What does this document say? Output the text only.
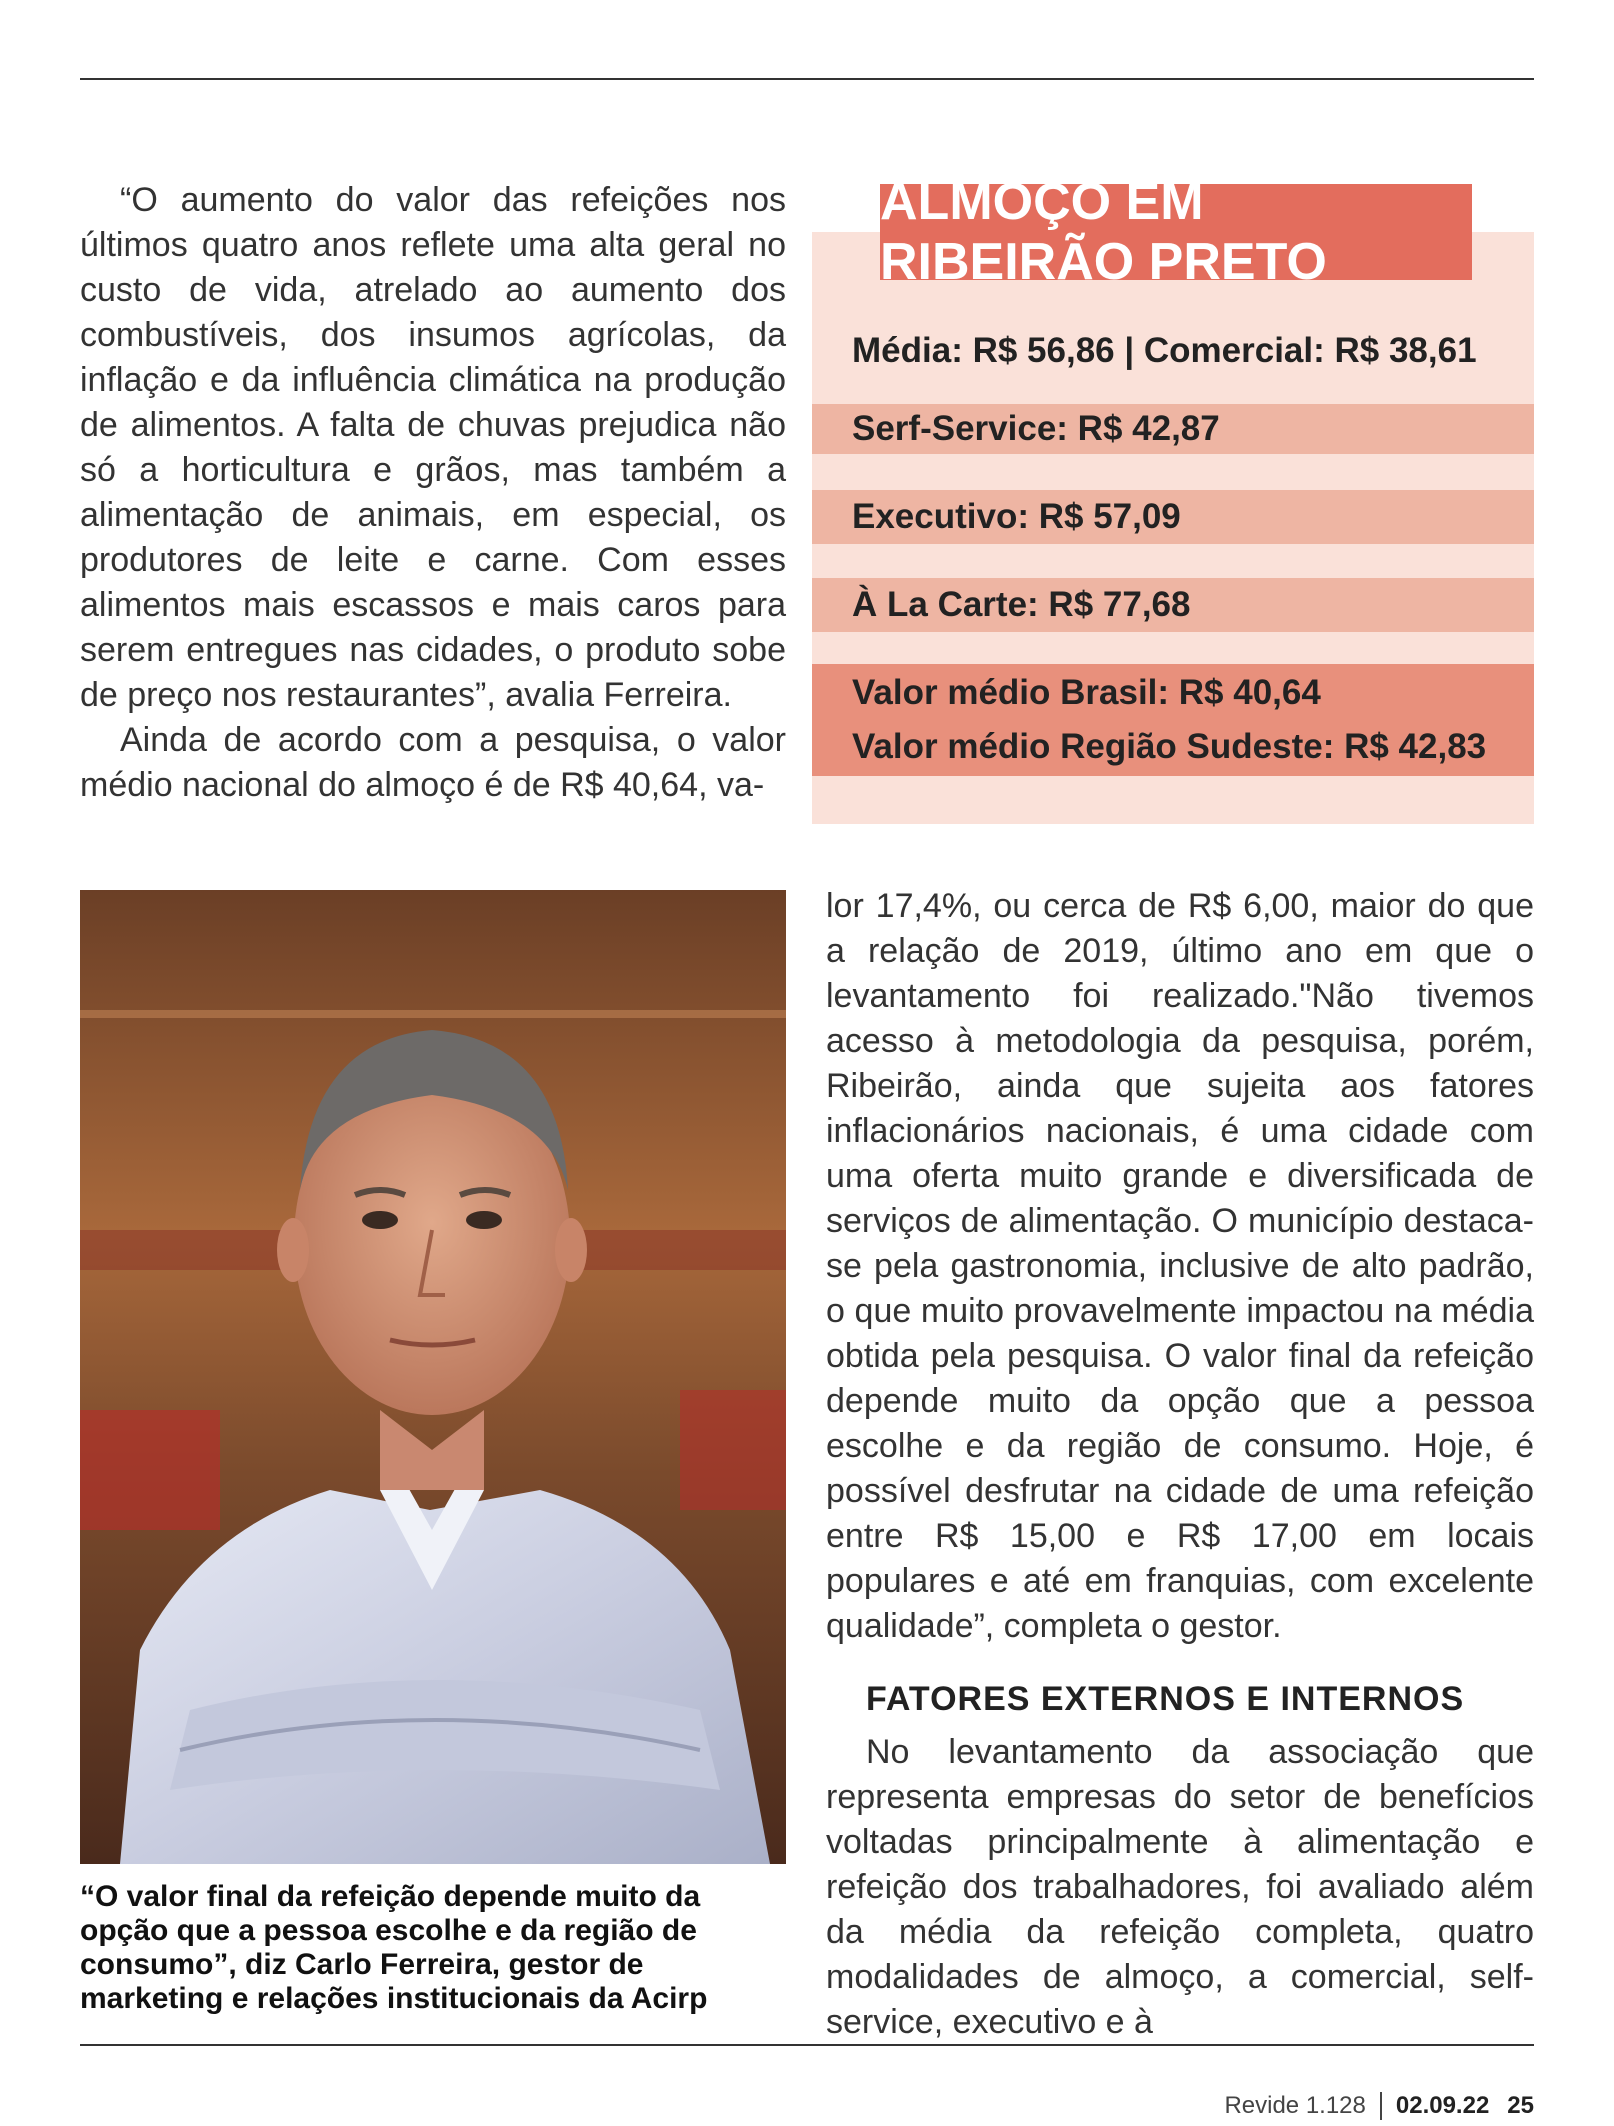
“O aumento do valor das refeições nos últimos quatro anos reflete uma alta geral no custo de vida, atrelado ao aumento dos combustíveis, dos insumos agrícolas, da inflação e da influência climática na produção de alimentos. A falta de chuvas prejudica não só a horticultura e grãos, mas também a alimentação de animais, em especial, os produtores de leite e carne. Com esses alimentos mais escassos e mais caros para serem entregues nas cidades, o produto sobe de preço nos restaurantes”, avalia Ferreira.

Ainda de acordo com a pesquisa, o valor médio nacional do almoço é de R$ 40,64, va-

ALMOÇO EM RIBEIRÃO PRETO
Média: R$ 56,86 | Comercial: R$ 38,61
Serf-Service: R$ 42,87
Executivo: R$ 57,09
À La Carte: R$ 77,68
Valor médio Brasil: R$ 40,64
Valor médio Região Sudeste: R$ 42,83

“O valor final da refeição depende muito da opção que a pessoa escolhe e da região de consumo”, diz Carlo Ferreira, gestor de marketing e relações institucionais da Acirp

lor 17,4%, ou cerca de R$ 6,00, maior do que a relação de 2019, último ano em que o levantamento foi realizado."Não tivemos acesso à metodologia da pesquisa, porém, Ribeirão, ainda que sujeita aos fatores inflacionários nacionais, é uma cidade com uma oferta muito grande e diversificada de serviços de alimentação. O município destaca-se pela gastronomia, inclusive de alto padrão, o que muito provavelmente impactou na média obtida pela pesquisa. O valor final da refeição depende muito da opção que a pessoa escolhe e da região de consumo. Hoje, é possível desfrutar na cidade de uma refeição entre R$ 15,00 e R$ 17,00 em locais populares e até em franquias, com excelente qualidade”, completa o gestor.

FATORES EXTERNOS E INTERNOS

No levantamento da associação que representa empresas do setor de benefícios voltadas principalmente à alimentação e refeição dos trabalhadores, foi avaliado além da média da refeição completa, quatro modalidades de almoço, a comercial, self-service, executivo e à

Revide 1.128 02.09.22 25
